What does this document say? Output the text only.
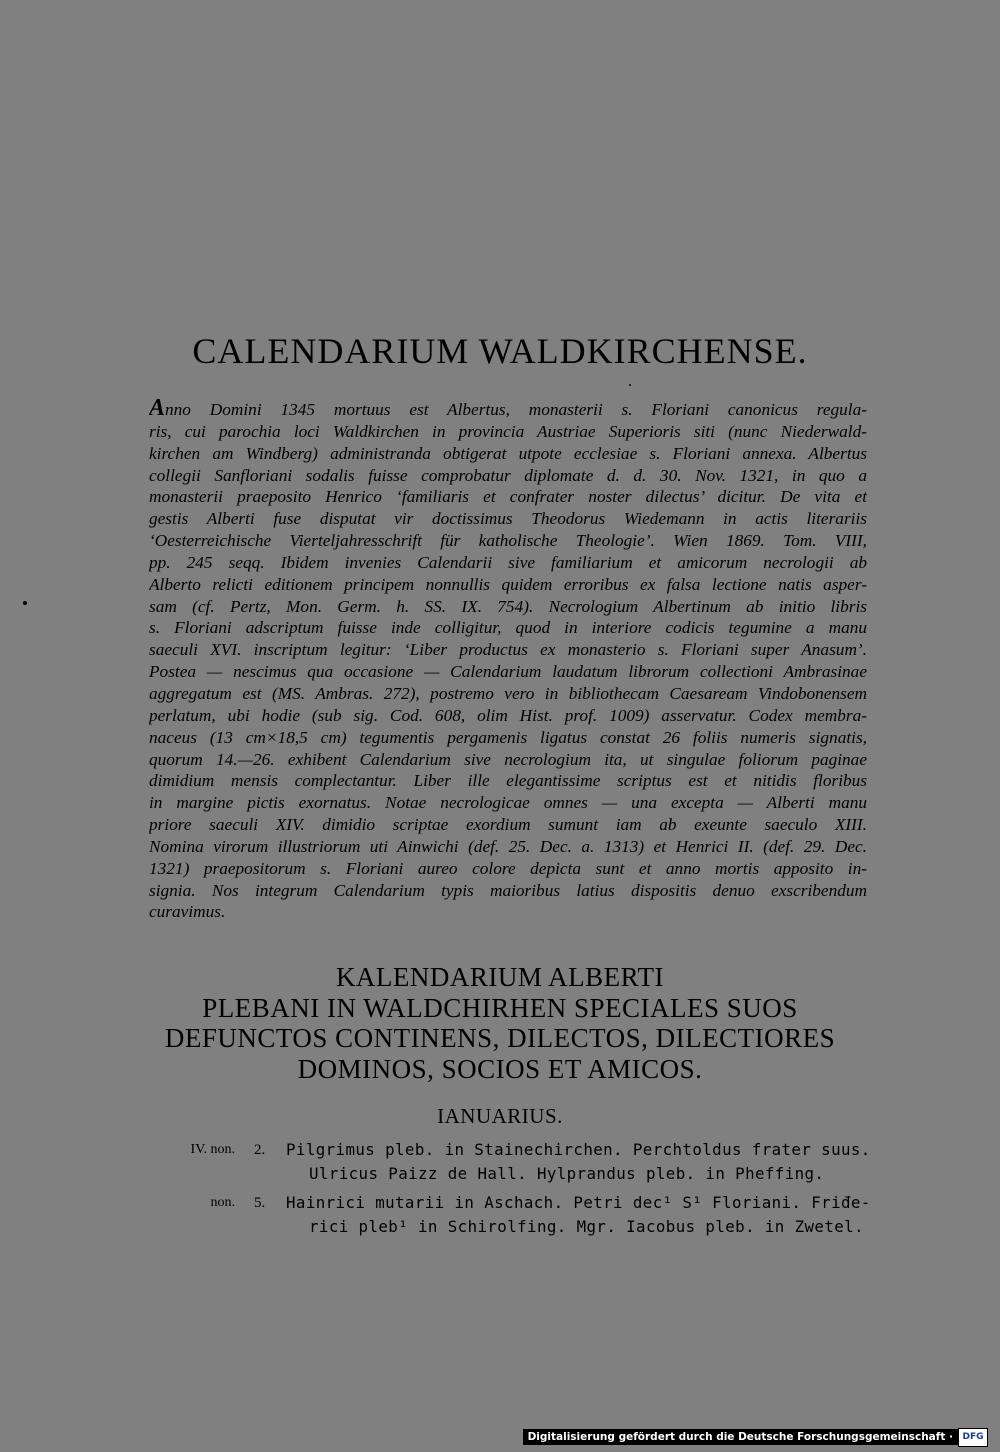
CALENDARIUM WALDKIRCHENSE.
Anno Domini 1345 mortuus est Albertus, monasterii s. Floriani canonicus regula-
ris, cui parochia loci Waldkirchen in provincia Austriae Superioris siti (nunc Niederwald-
kirchen am Windberg) administranda obtigerat utpote ecclesiae s. Floriani annexa. Albertus
collegii Sanfloriani sodalis fuisse comprobatur diplomate d. d. 30. Nov. 1321, in quo a
monasterii praeposito Henrico ‘familiaris et confrater noster dilectus’ dicitur. De vita et
gestis Alberti fuse disputat vir doctissimus Theodorus Wiedemann in actis literariis
‘Oesterreichische Vierteljahresschrift für katholische Theologie’. Wien 1869. Tom. VIII,
pp. 245 seqq. Ibidem invenies Calendarii sive familiarium et amicorum necrologii ab
Alberto relicti editionem principem nonnullis quidem erroribus ex falsa lectione natis asper-
sam (cf. Pertz, Mon. Germ. h. SS. IX. 754). Necrologium Albertinum ab initio libris
s. Floriani adscriptum fuisse inde colligitur, quod in interiore codicis tegumine a manu
saeculi XVI. inscriptum legitur: ‘Liber productus ex monasterio s. Floriani super Anasum’.
Postea — nescimus qua occasione — Calendarium laudatum librorum collectioni Ambrasinae
aggregatum est (MS. Ambras. 272), postremo vero in bibliothecam Caesaream Vindobonensem
perlatum, ubi hodie (sub sig. Cod. 608, olim Hist. prof. 1009) asservatur. Codex membra-
naceus (13 cm×18,5 cm) tegumentis pergamenis ligatus constat 26 foliis numeris signatis,
quorum 14.—26. exhibent Calendarium sive necrologium ita, ut singulae foliorum paginae
dimidium mensis complectantur. Liber ille elegantissime scriptus est et nitidis floribus
in margine pictis exornatus. Notae necrologicae omnes — una excepta — Alberti manu
priore saeculi XIV. dimidio scriptae exordium sumunt iam ab exeunte saeculo XIII.
Nomina virorum illustriorum uti Ainwichi (def. 25. Dec. a. 1313) et Henrici II. (def. 29. Dec.
1321) praepositorum s. Floriani aureo colore depicta sunt et anno mortis apposito in-
signia. Nos integrum Calendarium typis maioribus latius dispositis denuo exscribendum
curavimus.
KALENDARIUM ALBERTI
PLEBANI IN WALDCHIRHEN SPECIALES SUOS
DEFUNCTOS CONTINENS, DILECTOS, DILECTIORES
DOMINOS, SOCIOS ET AMICOS.
IANUARIUS.
IV. non. 2. Pilgrimus pleb. in Stainechirchen. Perchtoldus frater suus.
Ulricus Paizz de Hall. Hylprandus pleb. in Pheffing.
non. 5. Hainrici mutarii in Aschach. Petri dec¹ S¹ Floriani. Friđe-
rici pleb¹ in Schirolfing. Mgr. Iacobus pleb. in Zwetel.
Digitalisierung gefördert durch die Deutsche Forschungsgemeinschaft ·	DFG
